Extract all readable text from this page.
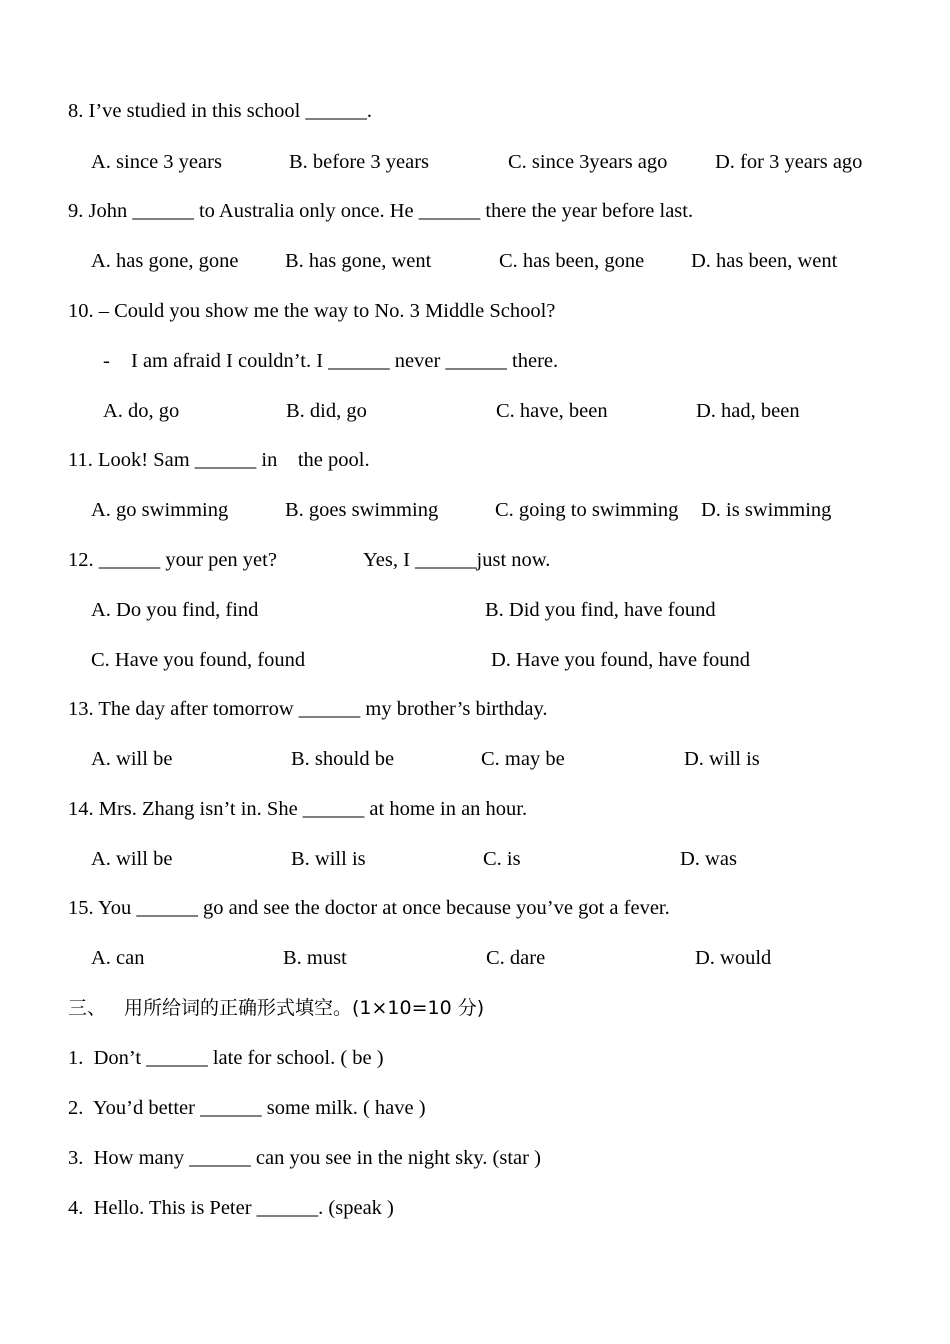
8. I’ve studied in this school ______.
A. since 3 years	B. before 3 years	C. since 3years ago D. for 3 years ago
9. John ______ to Australia only once. He ______ there the year before last.
A. has gone, gone B. has gone, went	C. has been, gone D. has been, went
10. – Could you show me the way to No. 3 Middle School?
- I am afraid I couldn’t. I ______ never ______ there.
A. do, go	B. did, go	C. have, been	D. had, been
11. Look! Sam ______ in    the pool.
A. go swimming	B. goes swimming	C. going to swimming D. is swimming
12. ______ your pen yet?	Yes, I ______just now.
A. Do you find, find	B. Did you find, have found
C. Have you found, found	D. Have you found, have found
13. The day after tomorrow ______ my brother’s birthday.
A. will be	B. should be	C. may be	D. will is
14. Mrs. Zhang isn’t in. She ______ at home in an hour.
A. will be	B. will is	C. is	D. was
15. You ______ go and see the doctor at once because you’ve got a fever.
A. can	B. must	C. dare	D. would
三、 用所给词的正确形式填空。(1×10=10 分)
1.  Don’t ______ late for school. ( be )
2.  You’d better ______ some milk. ( have )
3.  How many ______ can you see in the night sky. (star )
4.  Hello. This is Peter ______. (speak )
